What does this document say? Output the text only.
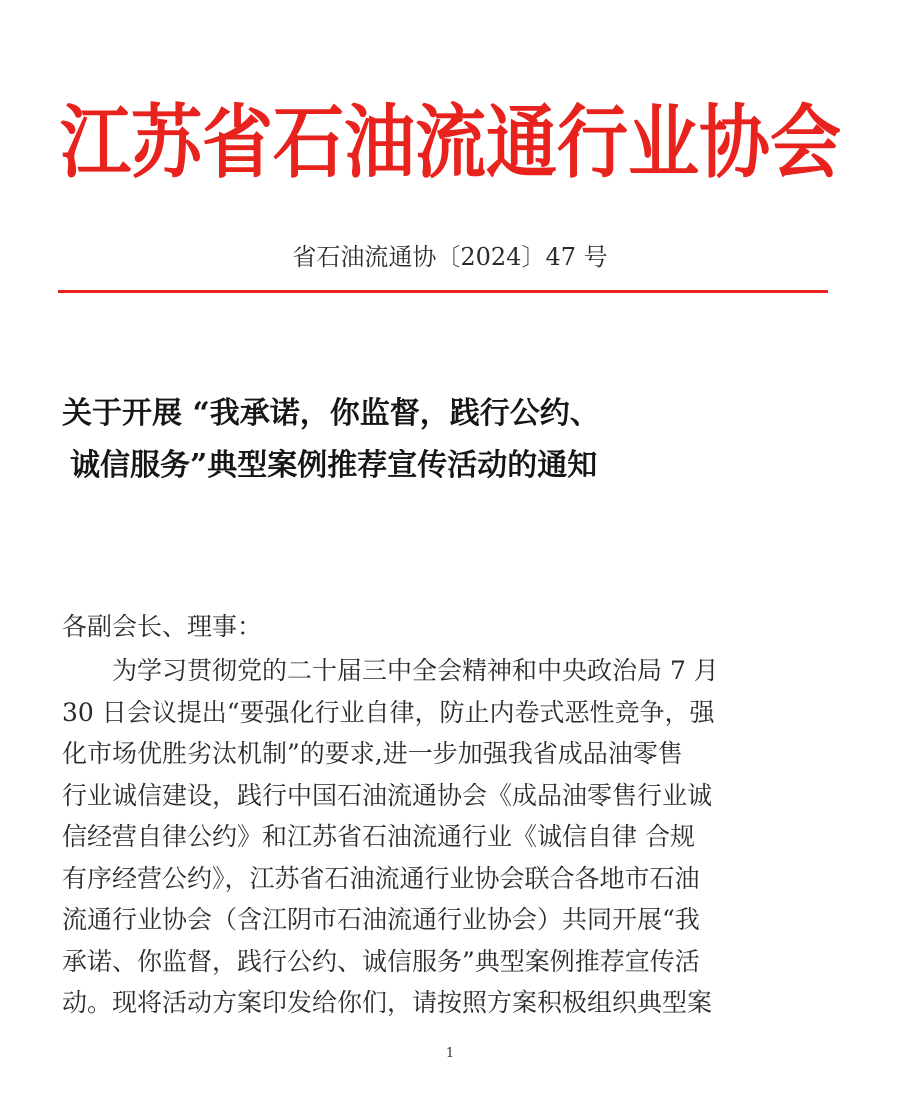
江苏省石油流通行业协会
省石油流通协〔2024〕47 号
关于开展 “我承诺，你监督，践行公约、
诚信服务”典型案例推荐宣传活动的通知
各副会长、理事：
为学习贯彻党的二十届三中全会精神和中央政治局 7 月
30 日会议提出“要强化行业自律，防止内卷式恶性竞争，强
化市场优胜劣汰机制”的要求,进一步加强我省成品油零售
行业诚信建设，践行中国石油流通协会《成品油零售行业诚
信经营自律公约》和江苏省石油流通行业《诚信自律 合规
有序经营公约》，江苏省石油流通行业协会联合各地市石油
流通行业协会（含江阴市石油流通行业协会）共同开展“我
承诺、你监督，践行公约、诚信服务”典型案例推荐宣传活
动。现将活动方案印发给你们，请按照方案积极组织典型案
1
